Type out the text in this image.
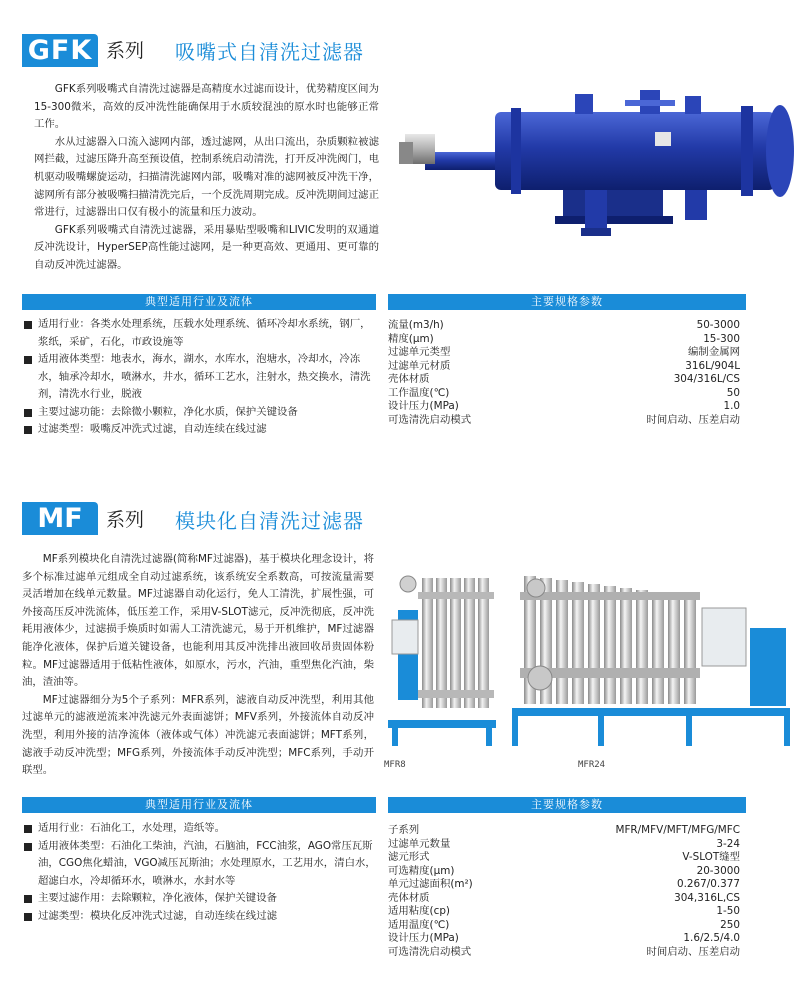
GFK 系列 吸嘴式自清洗过滤器

GFK系列吸嘴式自清洗过滤器是高精度水过滤而设计，优势精度区间为15-300微米，高效的反冲洗性能确保用于水质较混浊的原水时也能够正常工作。

水从过滤器入口流入滤网内部，透过滤网，从出口流出，杂质颗粒被滤网拦截，过滤压降升高至预设值，控制系统启动清洗，打开反冲洗阀门，电机驱动吸嘴螺旋运动，扫描清洗滤网内部，吸嘴对准的滤网被反冲洗干净，滤网所有部分被吸嘴扫描清洗完后，一个反洗周期完成。反冲洗期间过滤正常进行，过滤器出口仅有极小的流量和压力波动。

GFK系列吸嘴式自清洗过滤器，采用暴贴型吸嘴和LIVIC发明的双通道反冲洗设计，HyperSEP高性能过滤网，是一种更高效、更通用、更可靠的自动反冲洗过滤器。

典型适用行业及流体
适用行业：各类水处理系统，压载水处理系统、循环冷却水系统，钢厂，浆纸，采矿，石化，市政设施等
适用液体类型：地表水，海水，湖水，水库水，泡塘水，冷却水，冷冻水，轴承冷却水，喷淋水，井水，循环工艺水，注射水，热交换水，清洗剂，清洗水行业，脱液
主要过滤功能：去除微小颗粒，净化水质，保护关键设备
过滤类型：吸嘴反冲洗式过滤，自动连续在线过滤
主要规格参数
流量(m3/h)	50-3000
精度(μm)	15-300
过滤单元类型	编制金属网
过滤单元材质	316L/904L
壳体材质	304/316L/CS
工作温度(℃)	50
设计压力(MPa)	1.0
可选清洗启动模式	时间启动、压差启动
MF	系列 模块化自清洗过滤器

MF系列模块化自清洗过滤器(简称MF过滤器)，基于模块化理念设计，将多个标准过滤单元组成全自动过滤系统，该系统安全系数高，可按流量需要灵活增加在线单元数量。MF过滤器自动化运行，免人工清洗，扩展性强，可外接高压反冲洗流体，低压差工作，采用V-SLOT滤元，反冲洗彻底，反冲洗耗用液体少，过滤损手焕质时如需人工清洗滤元，易于开机维护，MF过滤器能净化液体，保护后道关键设备，也能利用其反冲洗排出液回收昂贵固体粉粒。MF过滤器适用于低粘性液体，如原水，污水，汽油，重型焦化汽油，柴油，渣油等。

MF过滤器细分为5个子系列：MFR系列，滤液自动反冲洗型，利用其他过滤单元的滤液逆流来冲洗滤元外表面滤饼；MFV系列，外接流体自动反冲洗型，利用外接的洁净流体（液体或气体）冲洗滤元表面滤饼；MFT系列，滤液手动反冲洗型；MFG系列，外接流体手动反冲洗型；MFC系列，手动开联型。	MFR8	MFR24
典型适用行业及流体
适用行业：石油化工，水处理，造纸等。
适用液体类型：石油化工柴油，汽油，石脑油，FCC油浆，AGO常压瓦斯油，CGO焦化蜡油，VGO减压瓦斯油；水处理原水，工艺用水，清白水，超滤白水，冷却循环水，喷淋水，水封水等
主要过滤作用：去除颗粒，净化液体，保护关键设备
过滤类型：模块化反冲洗式过滤，自动连续在线过滤
主要规格参数
子系列	MFR/MFV/MFT/MFG/MFC
过滤单元数量	3-24
滤元形式	V-SLOT缝型
可选精度(μm)	20-3000
单元过滤面积(m²)	0.267/0.377
壳体材质	304,316L,CS
适用粘度(cp)	1-50
适用温度(℃)	250
设计压力(MPa)	1.6/2.5/4.0
可选清洗启动模式	时间启动、压差启动
